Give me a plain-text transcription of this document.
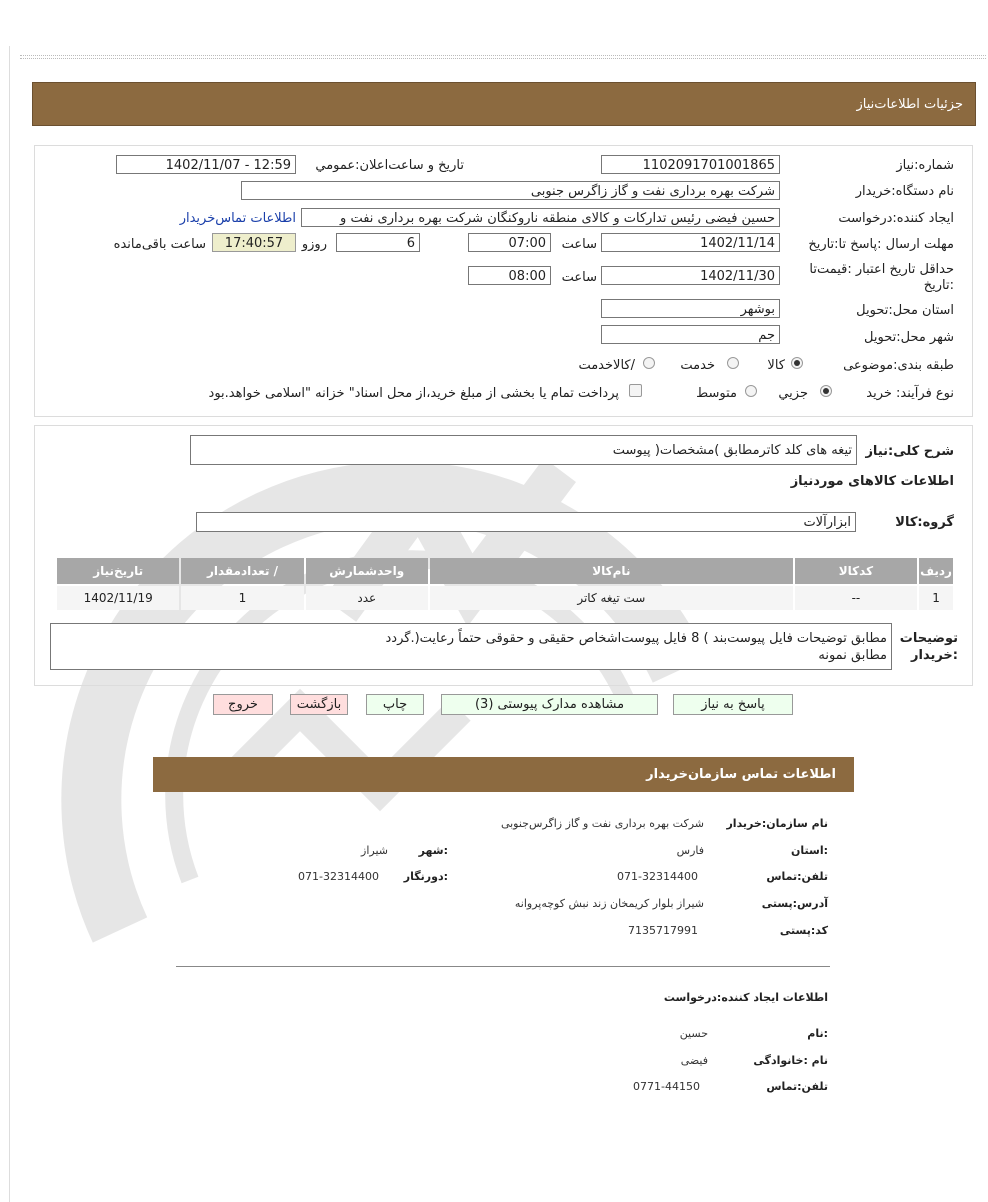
جزئیات اطلاعات‌نیاز
شماره:نیاز
1102091701001865
تاریخ و ساعت‌اعلان:عمومي
1402/11/07 - 12:59
نام دستگاه:خریدار
شرکت بهره برداری نفت و گاز زاگرس جنوبی
ایجاد کننده:درخواست
حسین فیضی رئیس تدارکات و کالای منطقه ناروکنگان شرکت بهره برداری نفت و
اطلاعات تماس‌خریدار
مهلت ارسال :پاسخ تا:تاریخ
1402/11/14
ساعت
07:00
6
روزو
17:40:57
ساعت باقی‌مانده
حداقل تاریخ اعتبار :قیمت‌تا
:تاریخ
1402/11/30
ساعت
08:00
استان محل:تحویل
بوشهر
شهر محل:تحویل
جم
طبقه بندی:موضوعی
کالا
خدمت
/کالاخدمت
نوع فرآیند: خرید
جزیي
متوسط
پرداخت تمام یا بخشی از مبلغ خرید،از محل اسناد" خزانه "اسلامی خواهد.بود
شرح کلی:نیاز
تیغه های کلد کاترمطابق )مشخصات( پیوست
اطلاعات کالاهای موردنیاز
گروه:کالا
ابزارآلات
ردیف	کدکالا	نام‌کالا	واحدشمارش	/ تعدادمقدار	تاریخ‌نیاز
1	--	ست تیغه کاتر	عدد	1	1402/11/19
توضیحات
:خریدار
مطابق توضیحات فایل پیوست‌بند ) 8 فایل پیوست‌اشخاص حقیقی و حقوقی حتماً رعایت(.گردد
مطابق نمونه
پاسخ به نیاز
مشاهده مدارک پیوستی (3)
چاپ
بازگشت
خروج
اطلاعات تماس سازمان‌خریدار
نام سازمان:خریدار
شرکت بهره برداری نفت و گاز زاگرس‌جنوبی
:استان
فارس
:شهر
شیراز
تلفن:تماس
071-32314400
:دورنگار
071-32314400
آدرس:پستی
شیراز بلوار کریمخان زند نبش کوچه‌پروانه
کد:پستی
7135717991
اطلاعات ایجاد کننده:درخواست
:نام
حسین
نام :خانوادگی
فیضی
تلفن:تماس
0771-44150
